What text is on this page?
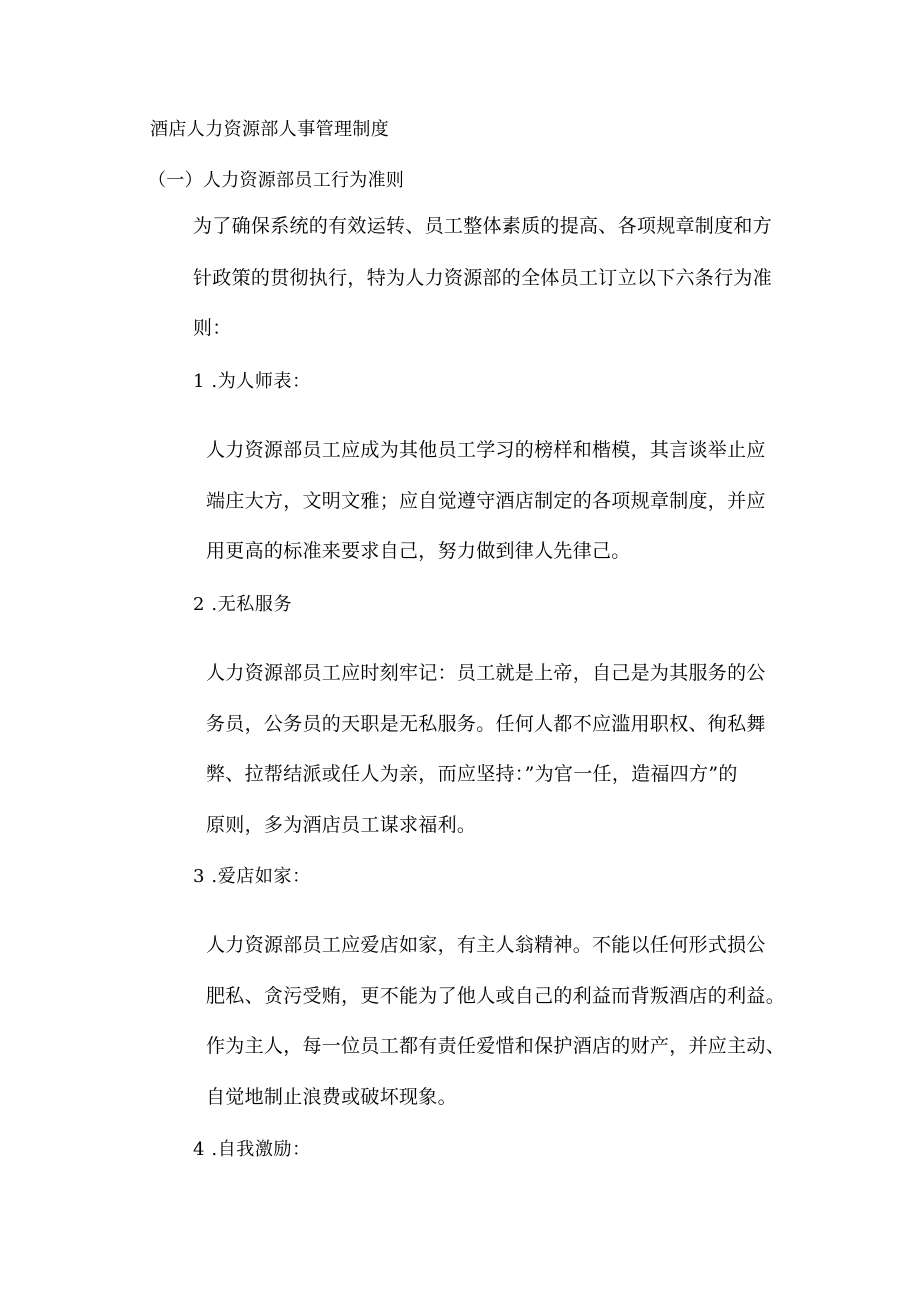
酒店人力资源部人事管理制度
（一）人力资源部员工行为准则
为了确保系统的有效运转、员工整体素质的提高、各项规章制度和方
针政策的贯彻执行，特为人力资源部的全体员工订立以下六条行为准
则：
1 .为人师表：
人力资源部员工应成为其他员工学习的榜样和楷模，其言谈举止应
端庄大方，文明文雅；应自觉遵守酒店制定的各项规章制度，并应
用更高的标准来要求自己，努力做到律人先律己。
2 .无私服务
人力资源部员工应时刻牢记：员工就是上帝，自己是为其服务的公
务员，公务员的天职是无私服务。任何人都不应滥用职权、徇私舞
弊、拉帮结派或任人为亲，而应坚持：”为官一任，造福四方”的
原则，多为酒店员工谋求福利。
3 .爱店如家：
人力资源部员工应爱店如家，有主人翁精神。不能以任何形式损公
肥私、贪污受贿，更不能为了他人或自己的利益而背叛酒店的利益。
作为主人，每一位员工都有责任爱惜和保护酒店的财产，并应主动、
自觉地制止浪费或破坏现象。
4 .自我激励：
